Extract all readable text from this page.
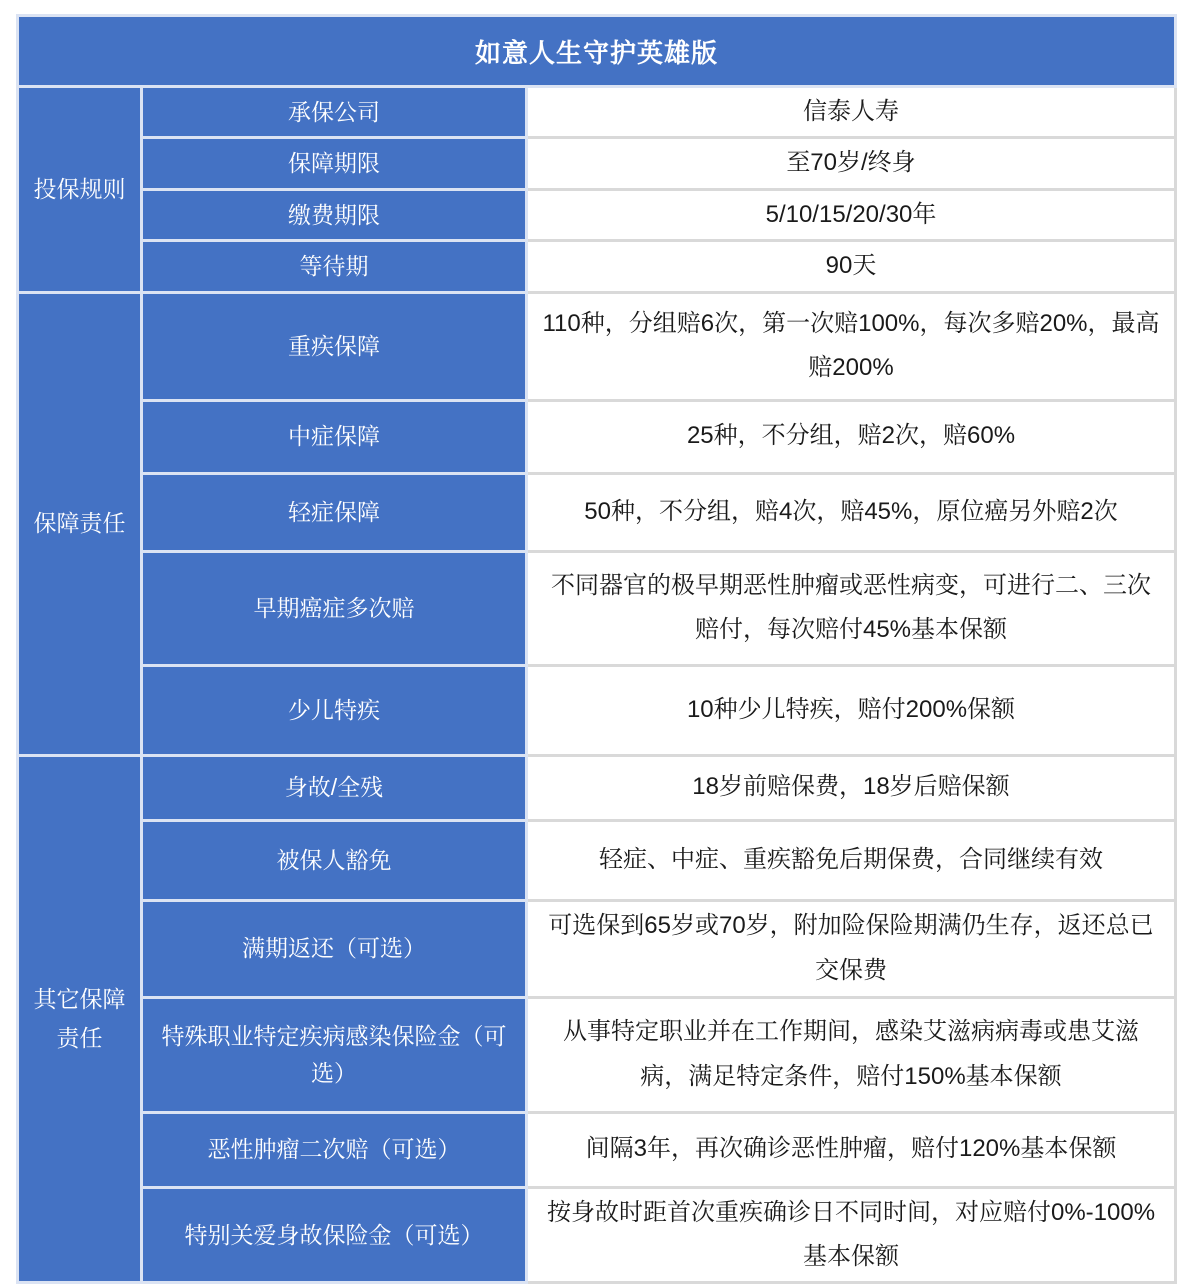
如意人生守护英雄版		
投保规则	承保公司	信泰人寿
	保障期限	至70岁/终身
	缴费期限	5/10/15/20/30年
	等待期	90天
保障责任	重疾保障	110种，分组赔6次，第一次赔100%，每次多赔20%，最高赔200%
	中症保障	25种，不分组，赔2次，赔60%
	轻症保障	50种，不分组，赔4次，赔45%，原位癌另外赔2次
	早期癌症多次赔	不同器官的极早期恶性肿瘤或恶性病变，可进行二、三次赔付，每次赔付45%基本保额
	少儿特疾	10种少儿特疾，赔付200%保额
其它保障责任	身故/全残	18岁前赔保费，18岁后赔保额
	被保人豁免	轻症、中症、重疾豁免后期保费，合同继续有效
	满期返还（可选）	可选保到65岁或70岁，附加险保险期满仍生存，返还总已交保费
	特殊职业特定疾病感染保险金（可选）	从事特定职业并在工作期间，感染艾滋病病毒或患艾滋病，满足特定条件，赔付150%基本保额
	恶性肿瘤二次赔（可选）	间隔3年，再次确诊恶性肿瘤，赔付120%基本保额
	特别关爱身故保险金（可选）	按身故时距首次重疾确诊日不同时间，对应赔付0%-100%基本保额
